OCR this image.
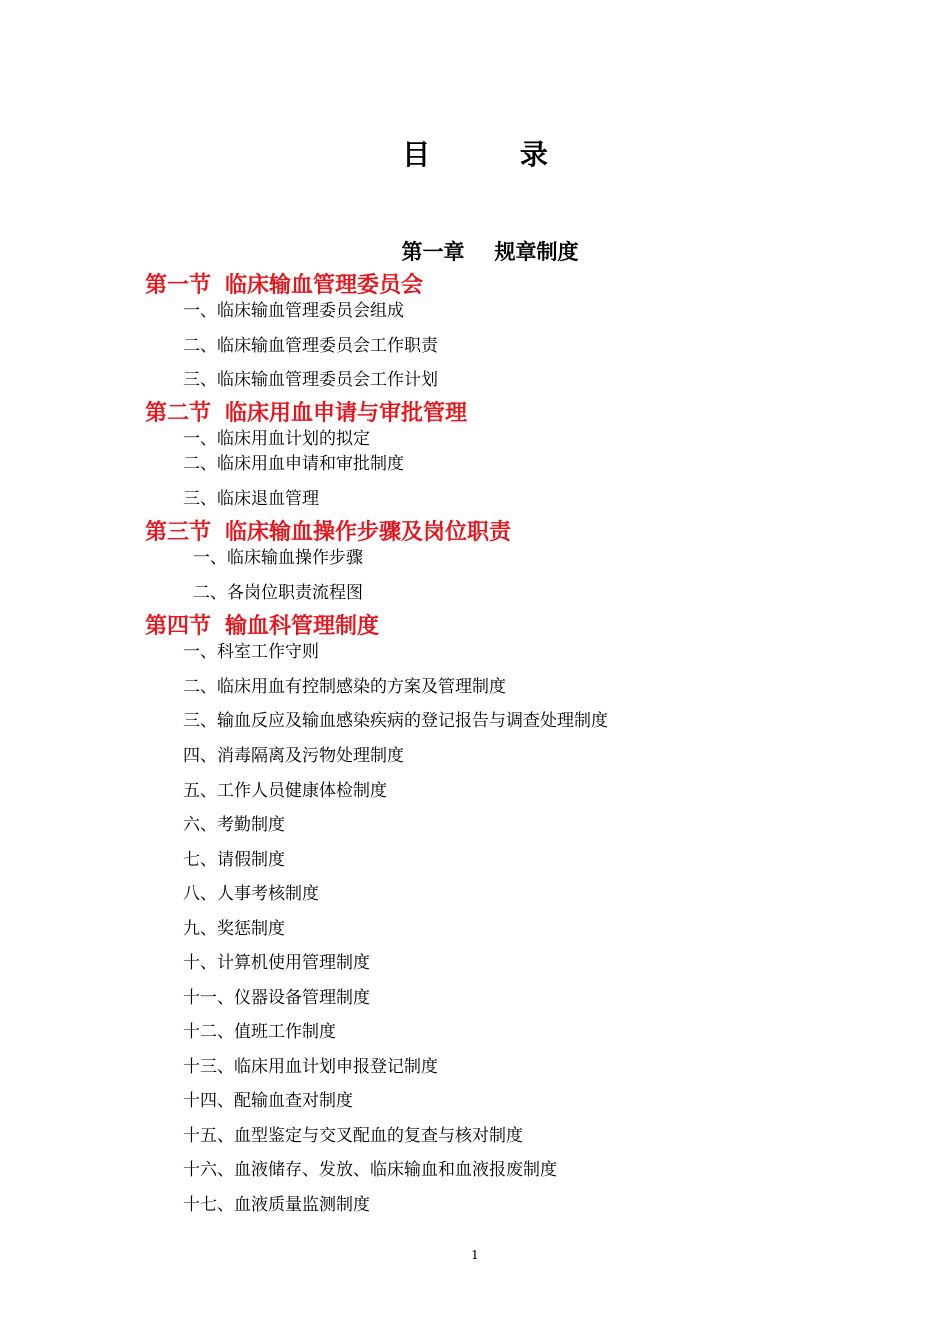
目 录
第一章 规章制度
第一节 临床输血管理委员会
一、临床输血管理委员会组成
二、临床输血管理委员会工作职责
三、临床输血管理委员会工作计划
第二节 临床用血申请与审批管理
一、临床用血计划的拟定
二、临床用血申请和审批制度
三、临床退血管理
第三节 临床输血操作步骤及岗位职责
一、临床输血操作步骤
二、各岗位职责流程图
第四节 输血科管理制度
一、科室工作守则
二、临床用血有控制感染的方案及管理制度
三、输血反应及输血感染疾病的登记报告与调查处理制度
四、消毒隔离及污物处理制度
五、工作人员健康体检制度
六、考勤制度
七、请假制度
八、人事考核制度
九、奖惩制度
十、计算机使用管理制度
十一、仪器设备管理制度
十二、值班工作制度
十三、临床用血计划申报登记制度
十四、配输血查对制度
十五、血型鉴定与交叉配血的复查与核对制度
十六、血液储存、发放、临床输血和血液报废制度
十七、血液质量监测制度
1
